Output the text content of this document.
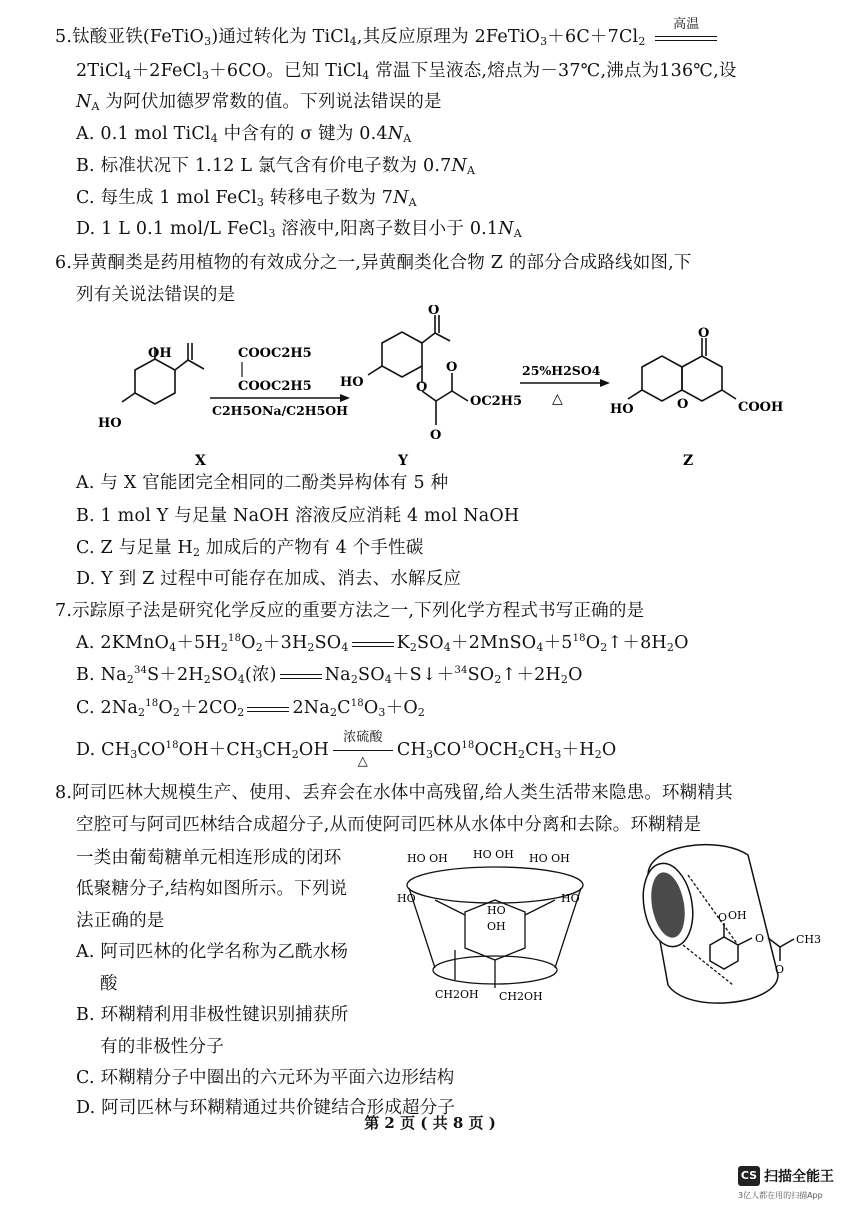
5.钛酸亚铁(FeTiO$_3$)通过转化为 TiCl$_4$,其反应原理为 $2FeTiO_3+6C+7Cl_2$
高温
2TiCl$_4$＋2FeCl$_3$＋6CO。已知 TiCl$_4$ 常温下呈液态,熔点为－37℃,沸点为136℃,设
$N_A$ 为阿伏加德罗常数的值。下列说法错误的是
A. 0.1 mol TiCl$_4$ 中含有的 σ 键为 $0.4N_A$
B. 标准状况下 1.12 L 氯气含有价电子数为 $0.7N_A$
C. 每生成 1 mol FeCl$_3$ 转移电子数为 $7N_A$
D. 1 L 0.1 mol/L FeCl$_3$ 溶液中,阳离子数目小于 $0.1N_A$
6.异黄酮类是药用植物的有效成分之一,异黄酮类化合物 Z 的部分合成路线如图,下
列有关说法错误的是
OH
HO
X
COOC2H5
COOC2H5
C2H5ONa/C2H5OH
O
HO	O
O
O
OC2H5
Y
25%H2SO4
△
O
O
HO	COOH
Z
A. 与 X 官能团完全相同的二酚类异构体有 5 种
B. 1 mol Y 与足量 NaOH 溶液反应消耗 4 mol NaOH
C. Z 与足量 $H_2$ 加成后的产物有 4 个手性碳
D. Y 到 Z 过程中可能存在加成、消去、水解反应
7.示踪原子法是研究化学反应的重要方法之一,下列化学方程式书写正确的是
A. $2KMnO_4+5H_2^{18}O_2+3H_2SO_4$	$K_2SO_4+2MnSO_4+5^{18}O_2↑+8H_2O$
B. $Na_2^{34}S+2H_2SO_4$(浓)	$Na_2SO_4+S↓+^{34}SO_2↑+2H_2O$
C. $2Na_2^{18}O_2+2CO_2$	$2Na_2C^{18}O_3+O_2$
D. $CH_3CO^{18}OH+CH_3CH_2OH$
浓硫酸
△
$CH_3CO^{18}OCH_2CH_3+H_2O$
8.阿司匹林大规模生产、使用、丢弃会在水体中高残留,给人类生活带来隐患。环糊精其
空腔可与阿司匹林结合成超分子,从而使阿司匹林从水体中分离和去除。环糊精是
一类由葡萄糖单元相连形成的闭环
低聚糖分子,结构如图所示。下列说
法正确的是
A. 阿司匹林的化学名称为乙酰水杨
酸
B. 环糊精利用非极性键识别捕获所
有的非极性分子
C. 环糊精分子中圈出的六元环为平面六边形结构
D. 阿司匹林与环糊精通过共价键结合形成超分子
HO OH HO OH HO OH
HO	HO
HO
OH
CH2OH CH2OH
O OH
O	CH3
O
第 2 页 ( 共 8 页 )
CS 扫描全能王
3亿人都在用的扫描App
